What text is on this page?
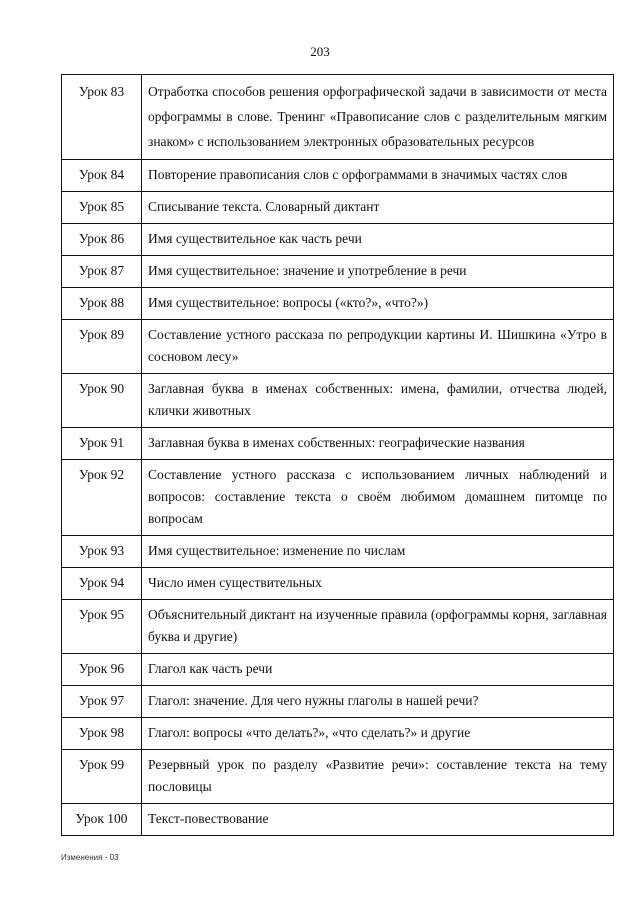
203
Урок 83	Отработка способов решения орфографической задачи в зависимости от места орфограммы в слове. Тренинг «Правописание слов с разделительным мягким знаком» с использованием электронных образовательных ресурсов
Урок 84	Повторение правописания слов с орфограммами в значимых частях слов
Урок 85	Списывание текста. Словарный диктант
Урок 86	Имя существительное как часть речи
Урок 87	Имя существительное: значение и употребление в речи
Урок 88	Имя существительное: вопросы («кто?», «что?»)
Урок 89	Составление устного рассказа по репродукции картины И. Шишкина «Утро в сосновом лесу»
Урок 90	Заглавная буква в именах собственных: имена, фамилии, отчества людей, клички животных
Урок 91	Заглавная буква в именах собственных: географические названия
Урок 92	Составление устного рассказа с использованием личных наблюдений и вопросов: составление текста о своём любимом домашнем питомце по вопросам
Урок 93	Имя существительное: изменение по числам
Урок 94	Число имен существительных
Урок 95	Объяснительный диктант на изученные правила (орфограммы корня, заглавная буква и другие)
Урок 96	Глагол как часть речи
Урок 97	Глагол: значение. Для чего нужны глаголы в нашей речи?
Урок 98	Глагол: вопросы «что делать?», «что сделать?» и другие
Урок 99	Резервный урок по разделу «Развитие речи»: составление текста на тему пословицы
Урок 100	Текст-повествование
Изменения - 03
